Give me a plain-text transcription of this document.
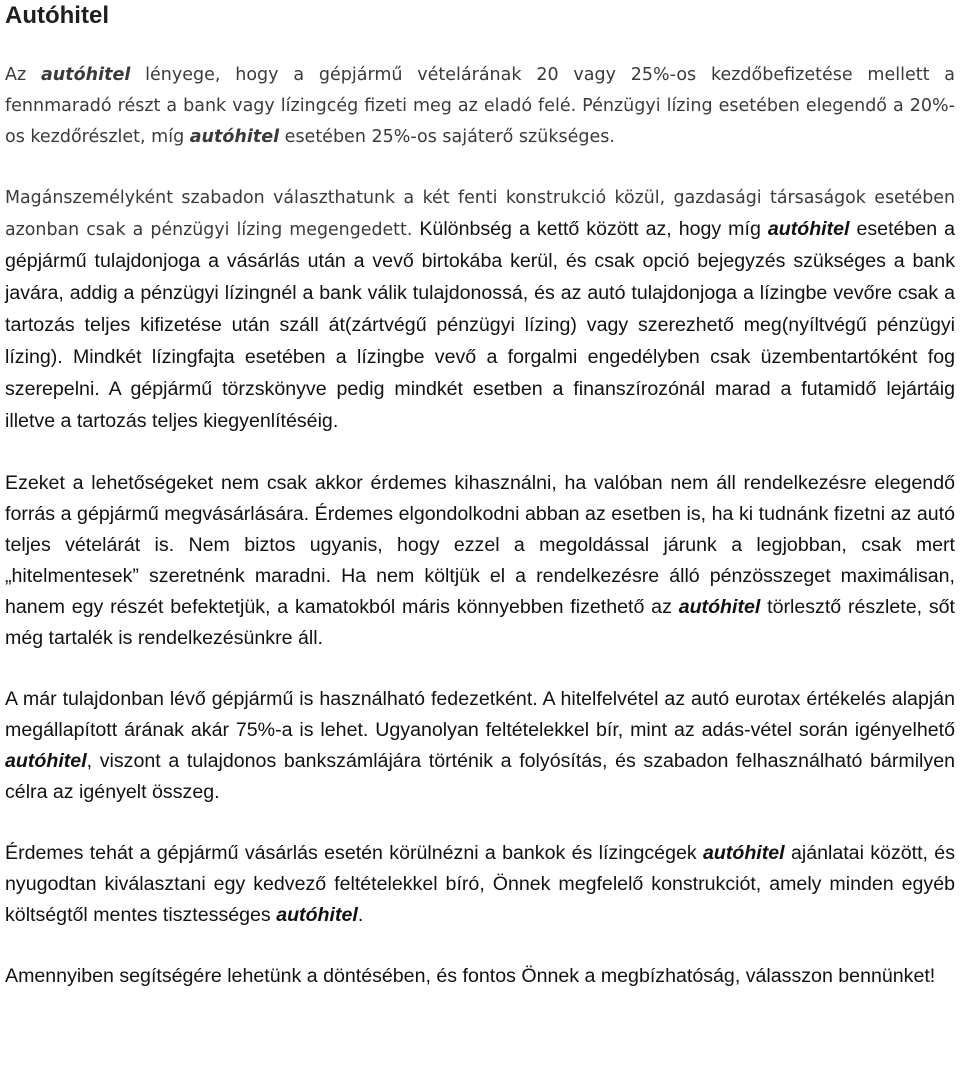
Autóhitel

Az autóhitel lényege, hogy a gépjármű vételárának 20 vagy 25%-os kezdőbefizetése mellett a fennmaradó részt a bank vagy lízingcég fizeti meg az eladó felé. Pénzügyi lízing esetében elegendő a 20%-os kezdőrészlet, míg autóhitel esetében 25%-os sajáterő szükséges.

Magánszemélyként szabadon választhatunk a két fenti konstrukció közül, gazdasági társaságok esetében azonban csak a pénzügyi lízing megengedett. Különbség a kettő között az, hogy míg autóhitel esetében a gépjármű tulajdonjoga a vásárlás után a vevő birtokába kerül, és csak opció bejegyzés szükséges a bank javára, addig a pénzügyi lízingnél a bank válik tulajdonossá, és az autó tulajdonjoga a lízingbe vevőre csak a tartozás teljes kifizetése után száll át(zártvégű pénzügyi lízing) vagy szerezhető meg(nyíltvégű pénzügyi lízing). Mindkét lízingfajta esetében a lízingbe vevő a forgalmi engedélyben csak üzembentartóként fog szerepelni. A gépjármű törzskönyve pedig mindkét esetben a finanszírozónál marad a futamidő lejártáig illetve a tartozás teljes kiegyenlítéséig.

Ezeket a lehetőségeket nem csak akkor érdemes kihasználni, ha valóban nem áll rendelkezésre elegendő forrás a gépjármű megvásárlására. Érdemes elgondolkodni abban az esetben is, ha ki tudnánk fizetni az autó teljes vételárát is. Nem biztos ugyanis, hogy ezzel a megoldással járunk a legjobban, csak mert „hitelmentesek” szeretnénk maradni. Ha nem költjük el a rendelkezésre álló pénzösszeget maximálisan, hanem egy részét befektetjük, a kamatokból máris könnyebben fizethető az autóhitel törlesztő részlete, sőt még tartalék is rendelkezésünkre áll.

A már tulajdonban lévő gépjármű is használható fedezetként. A hitelfelvétel az autó eurotax értékelés alapján megállapított árának akár 75%-a is lehet. Ugyanolyan feltételekkel bír, mint az adás-vétel során igényelhető autóhitel, viszont a tulajdonos bankszámlájára történik a folyósítás, és szabadon felhasználható bármilyen célra az igényelt összeg.

Érdemes tehát a gépjármű vásárlás esetén körülnézni a bankok és lízingcégek autóhitel ajánlatai között, és nyugodtan kiválasztani egy kedvező feltételekkel bíró, Önnek megfelelő konstrukciót, amely minden egyéb költségtől mentes tisztességes autóhitel.

Amennyiben segítségére lehetünk a döntésében, és fontos Önnek a megbízhatóság, válasszon bennünket!
